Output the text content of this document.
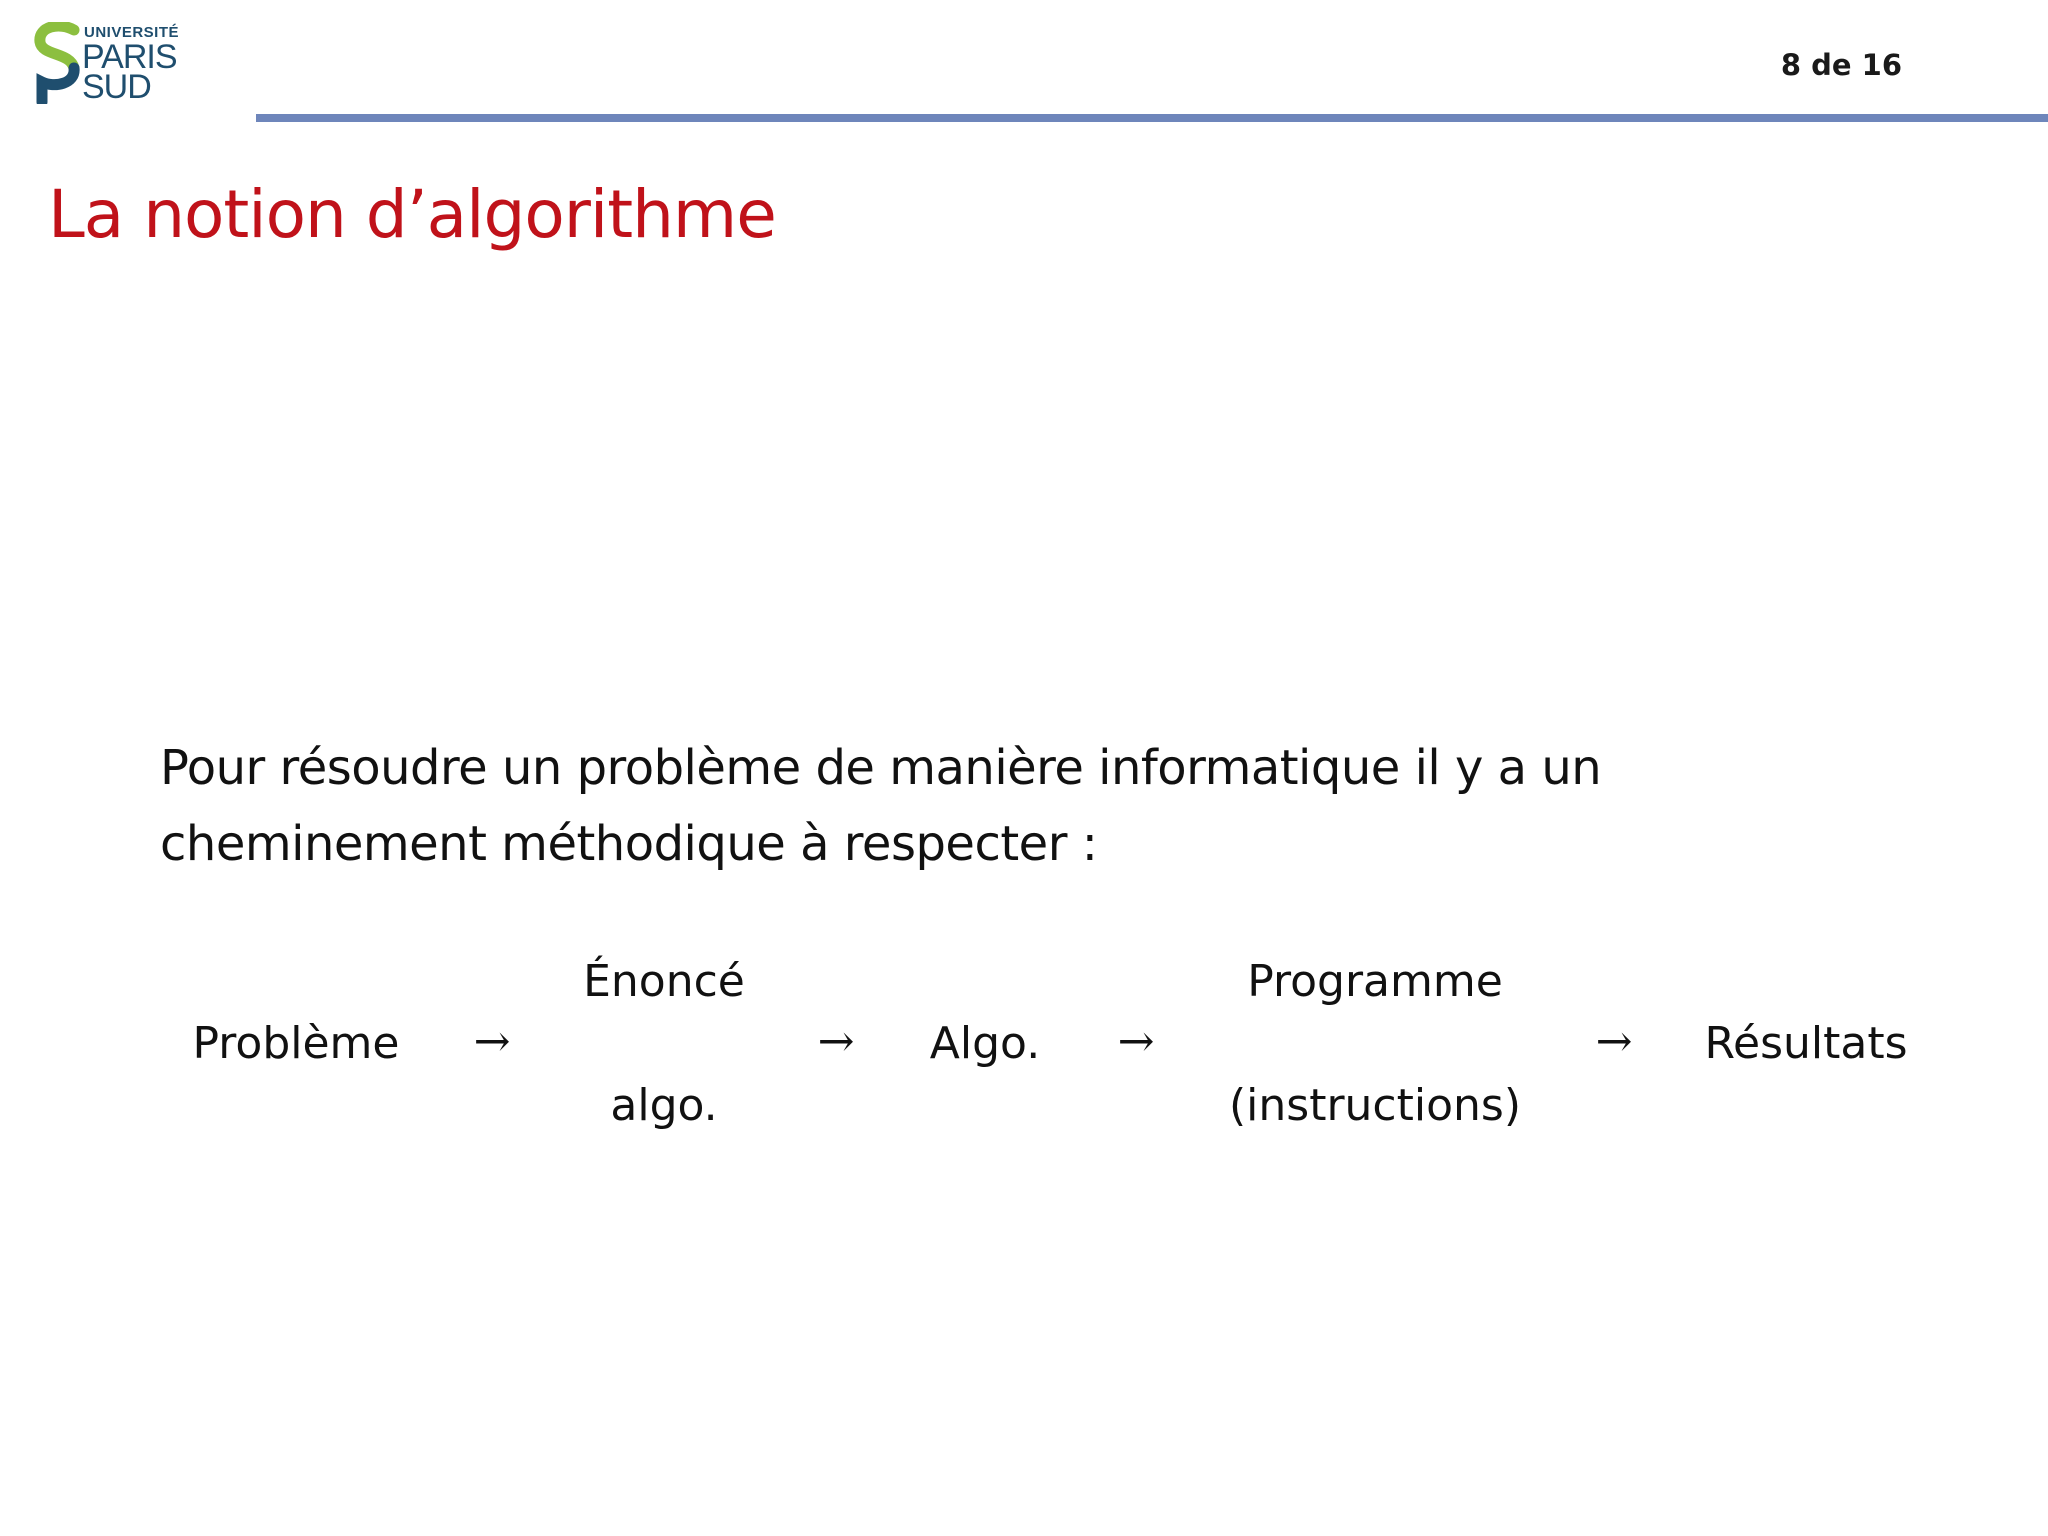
UNIVERSITÉ
PARIS
SUD
8 de 16
La notion d’algorithme
Pour résoudre un problème de manière informatique il y a un
cheminement méthodique à respecter :
Problème →
Énoncé
algo.
→ Algo. →
Programme
(instructions)
→ Résultats
